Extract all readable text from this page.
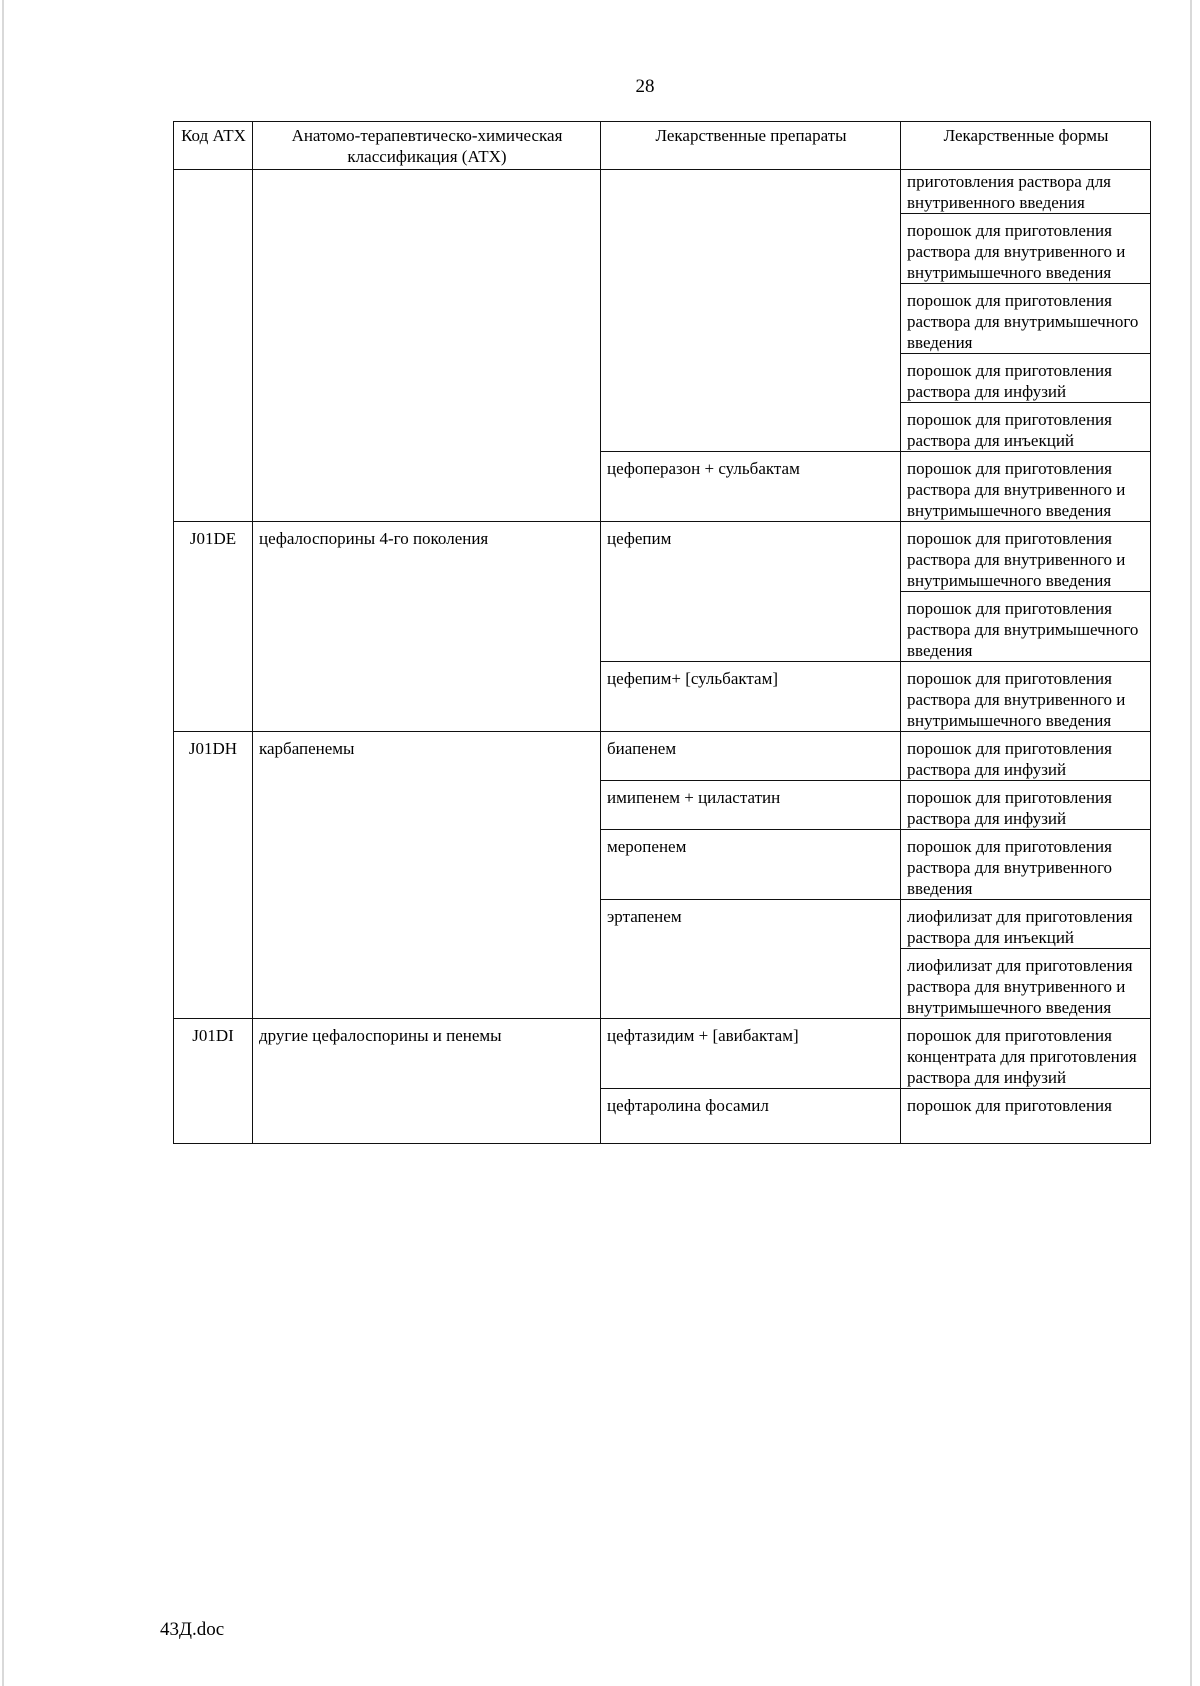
28
Код АТХ	Анатомо-терапевтическо-химическая классификация (АТХ)	Лекарственные препараты	Лекарственные формы
			приготовления раствора для внутривенного введения
			порошок для приготовления раствора для внутривенного и внутримышечного введения
			порошок для приготовления раствора для внутримышечного введения
			порошок для приготовления раствора для инфузий
			порошок для приготовления раствора для инъекций
		цефоперазон + сульбактам	порошок для приготовления раствора для внутривенного и внутримышечного введения
J01DE	цефалоспорины 4-го поколения	цефепим	порошок для приготовления раствора для внутривенного и внутримышечного введения
			порошок для приготовления раствора для внутримышечного введения
		цефепим+ [сульбактам]	порошок для приготовления раствора для внутривенного и внутримышечного введения
J01DH	карбапенемы	биапенем	порошок для приготовления раствора для инфузий
		имипенем + циластатин	порошок для приготовления раствора для инфузий
		меропенем	порошок для приготовления раствора для внутривенного введения
		эртапенем	лиофилизат для приготовления раствора для инъекций
			лиофилизат для приготовления раствора для внутривенного и внутримышечного введения
J01DI	другие цефалоспорины и пенемы	цефтазидим + [авибактам]	порошок для приготовления концентрата для приготовления раствора для инфузий
		цефтаролина фосамил	порошок для приготовления
43Д.doc
